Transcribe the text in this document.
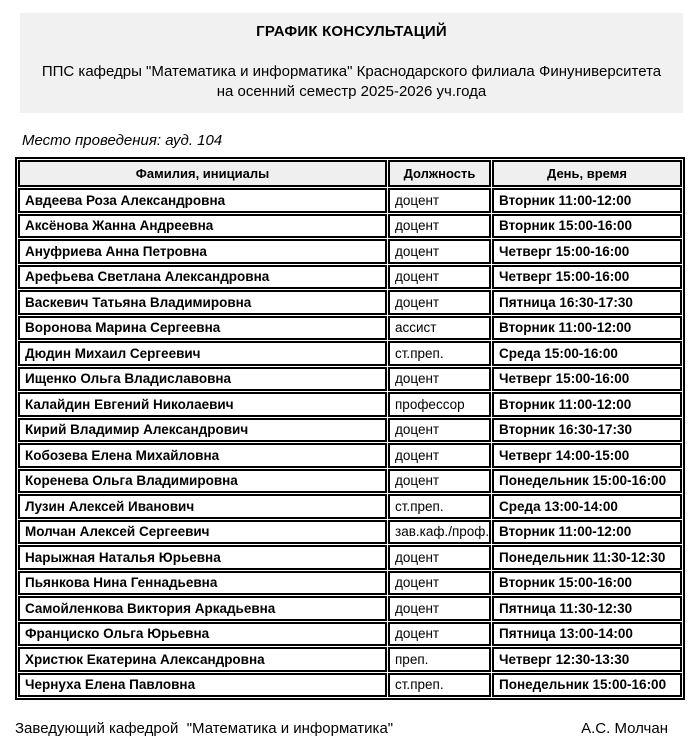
ГРАФИК КОНСУЛЬТАЦИЙ
ППС кафедры "Математика и информатика" Краснодарского филиала Финуниверситета
на осенний семестр 2025-2026 уч.года
Место проведения: ауд. 104
Фамилия, инициалы	Должность	День, время
Авдеева Роза Александровна	доцент	Вторник 11:00-12:00
Аксёнова Жанна Андреевна	доцент	Вторник 15:00-16:00
Ануфриева Анна Петровна	доцент	Четверг 15:00-16:00
Арефьева Светлана Александровна	доцент	Четверг 15:00-16:00
Васкевич Татьяна Владимировна	доцент	Пятница 16:30-17:30
Воронова Марина Сергеевна	ассист	Вторник 11:00-12:00
Дюдин Михаил Сергеевич	ст.преп.	Среда 15:00-16:00
Ищенко Ольга Владиславовна	доцент	Четверг 15:00-16:00
Калайдин Евгений Николаевич	профессор	Вторник 11:00-12:00
Кирий Владимир Александрович	доцент	Вторник 16:30-17:30
Кобозева Елена Михайловна	доцент	Четверг 14:00-15:00
Коренева Ольга Владимировна	доцент	Понедельник 15:00-16:00
Лузин Алексей Иванович	ст.преп.	Среда 13:00-14:00
Молчан Алексей Сергеевич	зав.каф./проф.	Вторник 11:00-12:00
Нарыжная Наталья Юрьевна	доцент	Понедельник 11:30-12:30
Пьянкова Нина Геннадьевна	доцент	Вторник 15:00-16:00
Самойленкова Виктория Аркадьевна	доцент	Пятница 11:30-12:30
Франциско Ольга Юрьевна	доцент	Пятница 13:00-14:00
Христюк Екатерина Александровна	преп.	Четверг 12:30-13:30
Чернуха Елена Павловна	ст.преп.	Понедельник 15:00-16:00
Заведующий кафедрой  "Математика и информатика"	А.С. Молчан
